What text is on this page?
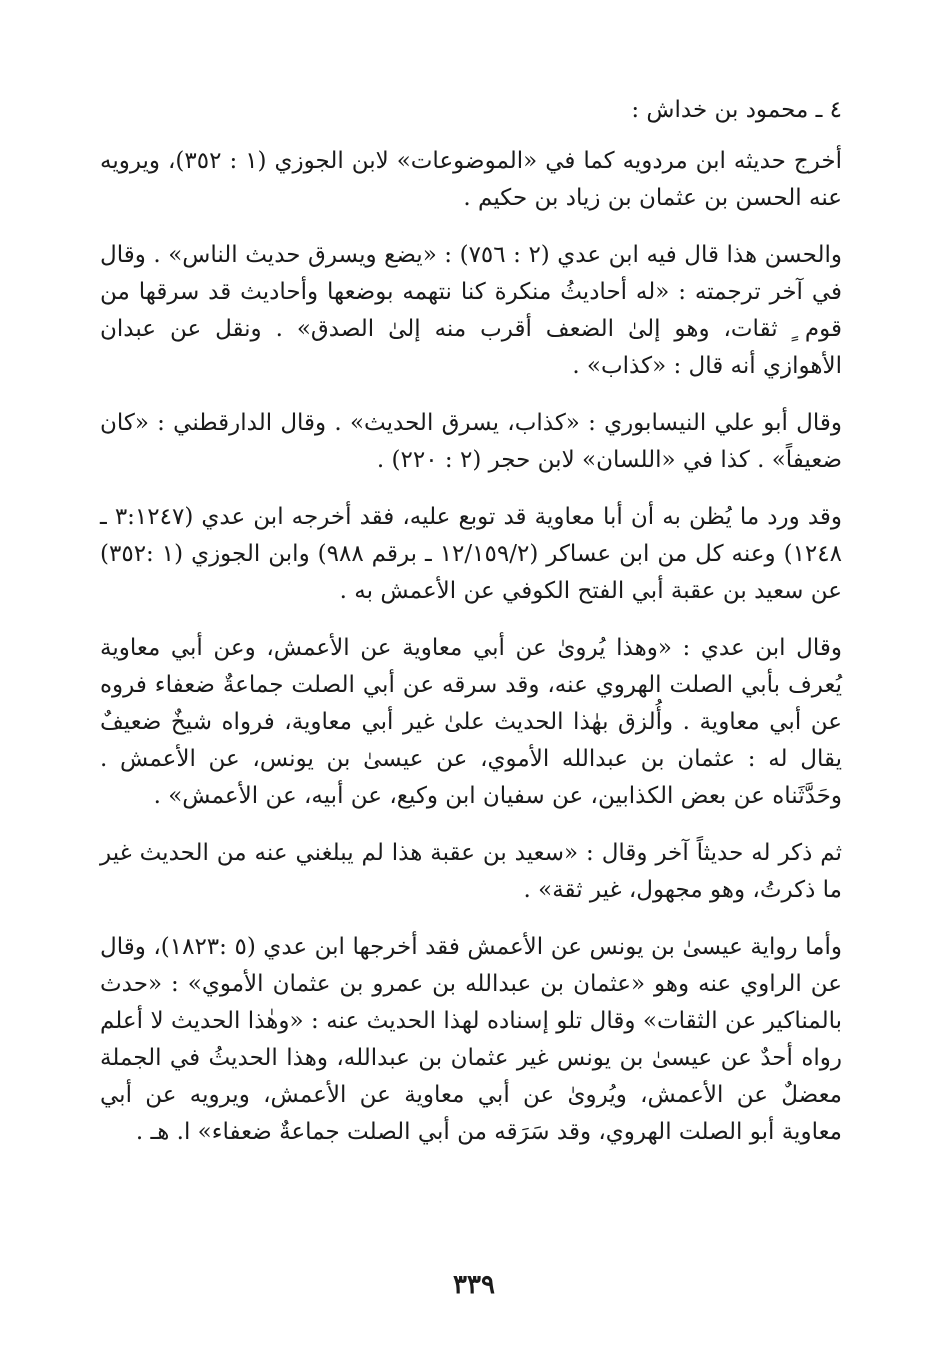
٤ ـ محمود بن خداش :

أخرج حديثه ابن مردويه كما في «الموضوعات» لابن الجوزي (١ : ٣٥٢)، ويرويه عنه الحسن بن عثمان بن زياد بن حكيم .

والحسن هذا قال فيه ابن عدي (٢ : ٧٥٦) : «يضع ويسرق حديث الناس» . وقال في آخر ترجمته : «له أحاديثُ منكرة كنا نتهمه بوضعها وأحاديث قد سرقها من قوم ٍ ثقات، وهو إلىٰ الضعف أقرب منه إلىٰ الصدق» . ونقل عن عبدان الأهوازي أنه قال : «كذاب» .

وقال أبو علي النيسابوري : «كذاب، يسرق الحديث» . وقال الدارقطني : «كان ضعيفاً» . كذا في «اللسان» لابن حجر (٢ : ٢٢٠) .

وقد ورد ما يُظن به أن أبا معاوية قد توبع عليه، فقد أخرجه ابن عدي (٣:١٢٤٧ ـ ١٢٤٨) وعنه كل من ابن عساكر (١٢/١٥٩/٢ ـ برقم ٩٨٨) وابن الجوزي (١ :٣٥٢) عن سعيد بن عقبة أبي الفتح الكوفي عن الأعمش به .

وقال ابن عدي : «وهذا يُروىٰ عن أبي معاوية عن الأعمش، وعن أبي معاوية يُعرف بأبي الصلت الهروي عنه، وقد سرقه عن أبي الصلت جماعةٌ ضعفاء فروه عن أبي معاوية . وأُلزق بهٰذا الحديث علىٰ غير أبي معاوية، فرواه شيخٌ ضعيفٌ يقال له : عثمان بن عبدالله الأموي، عن عيسىٰ بن يونس، عن الأعمش . وحَدَّثَناه عن بعض الكذابين، عن سفيان ابن وكيع، عن أبيه، عن الأعمش» .

ثم ذكر له حديثاً آخر وقال : «سعيد بن عقبة هذا لم يبلغني عنه من الحديث غير ما ذكرتُ، وهو مجهول، غير ثقة» .

وأما رواية عيسىٰ بن يونس عن الأعمش فقد أخرجها ابن عدي (٥ :١٨٢٣)، وقال عن الراوي عنه وهو «عثمان بن عبدالله بن عمرو بن عثمان الأموي» : «حدث بالمناكير عن الثقات» وقال تلو إسناده لهذا الحديث عنه : «وهٰذا الحديث لا أعلم رواه أحدٌ عن عيسىٰ بن يونس غير عثمان بن عبدالله، وهذا الحديثُ في الجملة معضلٌ عن الأعمش، ويُروىٰ عن أبي معاوية عن الأعمش، ويرويه عن أبي معاوية أبو الصلت الهروي، وقد سَرَقه من أبي الصلت جماعةٌ ضعفاء» ا. هـ .

٣٣٩
